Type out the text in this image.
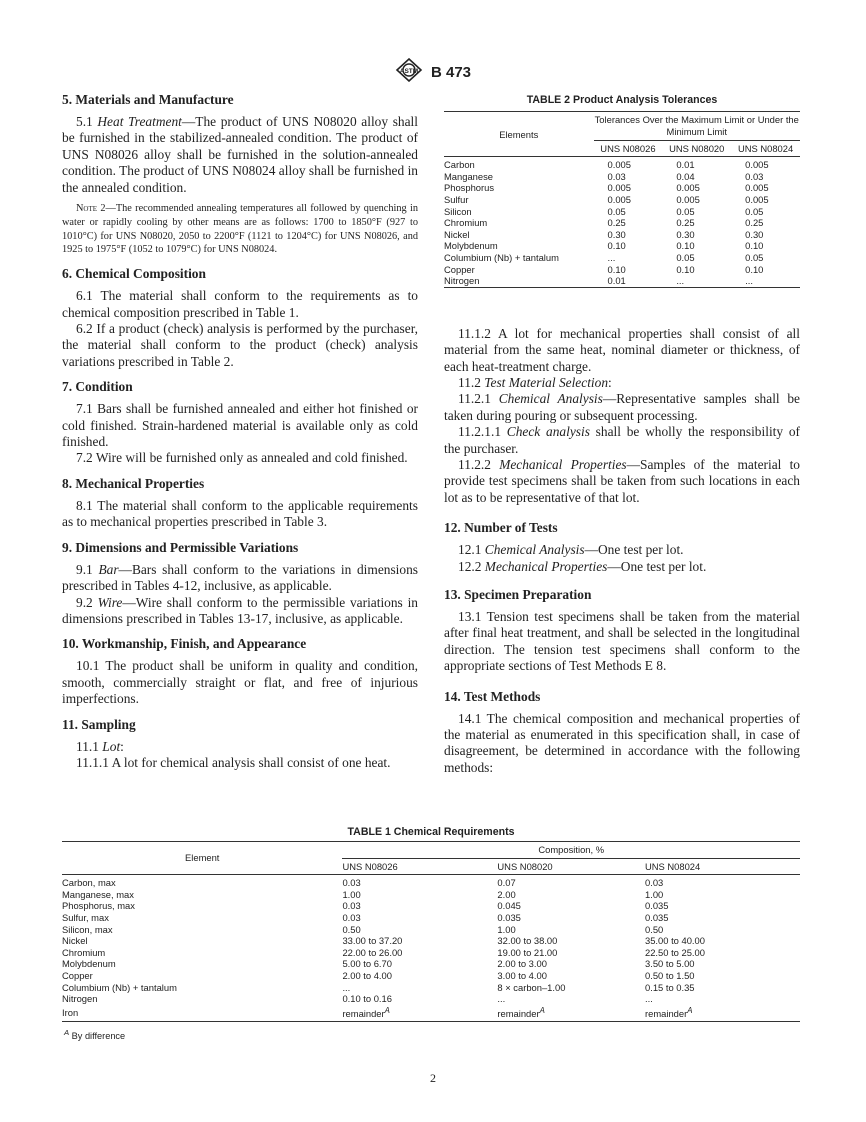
ASTM B 473
5. Materials and Manufacture

5.1 Heat Treatment—The product of UNS N08020 alloy shall be furnished in the stabilized-annealed condition. The product of UNS N08026 alloy shall be furnished in the solution-annealed condition. The product of UNS N08024 alloy shall be furnished in the annealed condition.

Note 2—The recommended annealing temperatures all followed by quenching in water or rapidly cooling by other means are as follows: 1700 to 1850°F (927 to 1010°C) for UNS N08020, 2050 to 2200°F (1121 to 1204°C) for UNS N08026, and 1925 to 1975°F (1052 to 1079°C) for UNS N08024.
6. Chemical Composition

6.1 The material shall conform to the requirements as to chemical composition prescribed in Table 1.

6.2 If a product (check) analysis is performed by the purchaser, the material shall conform to the product (check) analysis variations prescribed in Table 2.

7. Condition

7.1 Bars shall be furnished annealed and either hot finished or cold finished. Strain-hardened material is available only as cold finished.

7.2 Wire will be furnished only as annealed and cold finished.

8. Mechanical Properties

8.1 The material shall conform to the applicable requirements as to mechanical properties prescribed in Table 3.

9. Dimensions and Permissible Variations

9.1 Bar—Bars shall conform to the variations in dimensions prescribed in Tables 4-12, inclusive, as applicable.

9.2 Wire—Wire shall conform to the permissible variations in dimensions prescribed in Tables 13-17, inclusive, as applicable.

10. Workmanship, Finish, and Appearance

10.1 The product shall be uniform in quality and condition, smooth, commercially straight or flat, and free of injurious imperfections.

11. Sampling

11.1 Lot:

11.1.1 A lot for chemical analysis shall consist of one heat.

TABLE 2 Product Analysis Tolerances
Elements	Tolerances Over the Maximum Limit or Under the Minimum Limit		
	UNS N08026	UNS N08020	UNS N08024
Carbon	0.005	0.01	0.005
Manganese	0.03	0.04	0.03
Phosphorus	0.005	0.005	0.005
Sulfur	0.005	0.005	0.005
Silicon	0.05	0.05	0.05
Chromium	0.25	0.25	0.25
Nickel	0.30	0.30	0.30
Molybdenum	0.10	0.10	0.10
Columbium (Nb) + tantalum	...	0.05	0.05
Copper	0.10	0.10	0.10
Nitrogen	0.01	...	...

11.1.2 A lot for mechanical properties shall consist of all material from the same heat, nominal diameter or thickness, of each heat-treatment charge.

11.2 Test Material Selection:

11.2.1 Chemical Analysis—Representative samples shall be taken during pouring or subsequent processing.

11.2.1.1 Check analysis shall be wholly the responsibility of the purchaser.

11.2.2 Mechanical Properties—Samples of the material to provide test specimens shall be taken from such locations in each lot as to be representative of that lot.

12. Number of Tests

12.1 Chemical Analysis—One test per lot.

12.2 Mechanical Properties—One test per lot.

13. Specimen Preparation

13.1 Tension test specimens shall be taken from the material after final heat treatment, and shall be selected in the longitudinal direction. The tension test specimens shall conform to the appropriate sections of Test Methods E 8.

14. Test Methods

14.1 The chemical composition and mechanical properties of the material as enumerated in this specification shall, in case of disagreement, be determined in accordance with the following methods:

TABLE 1 Chemical Requirements
Element	Composition, %		
	UNS N08026	UNS N08020	UNS N08024
Carbon, max	0.03	0.07	0.03
Manganese, max	1.00	2.00	1.00
Phosphorus, max	0.03	0.045	0.035
Sulfur, max	0.03	0.035	0.035
Silicon, max	0.50	1.00	0.50
Nickel	33.00 to 37.20	32.00 to 38.00	35.00 to 40.00
Chromium	22.00 to 26.00	19.00 to 21.00	22.50 to 25.00
Molybdenum	5.00 to 6.70	2.00 to 3.00	3.50 to 5.00
Copper	2.00 to 4.00	3.00 to 4.00	0.50 to 1.50
Columbium (Nb) + tantalum	...	8 × carbon–1.00	0.15 to 0.35
Nitrogen	0.10 to 0.16	...	...
Iron	remainder$^A$	remainder$^A$	remainder$^A$
$^A$ By difference
2
